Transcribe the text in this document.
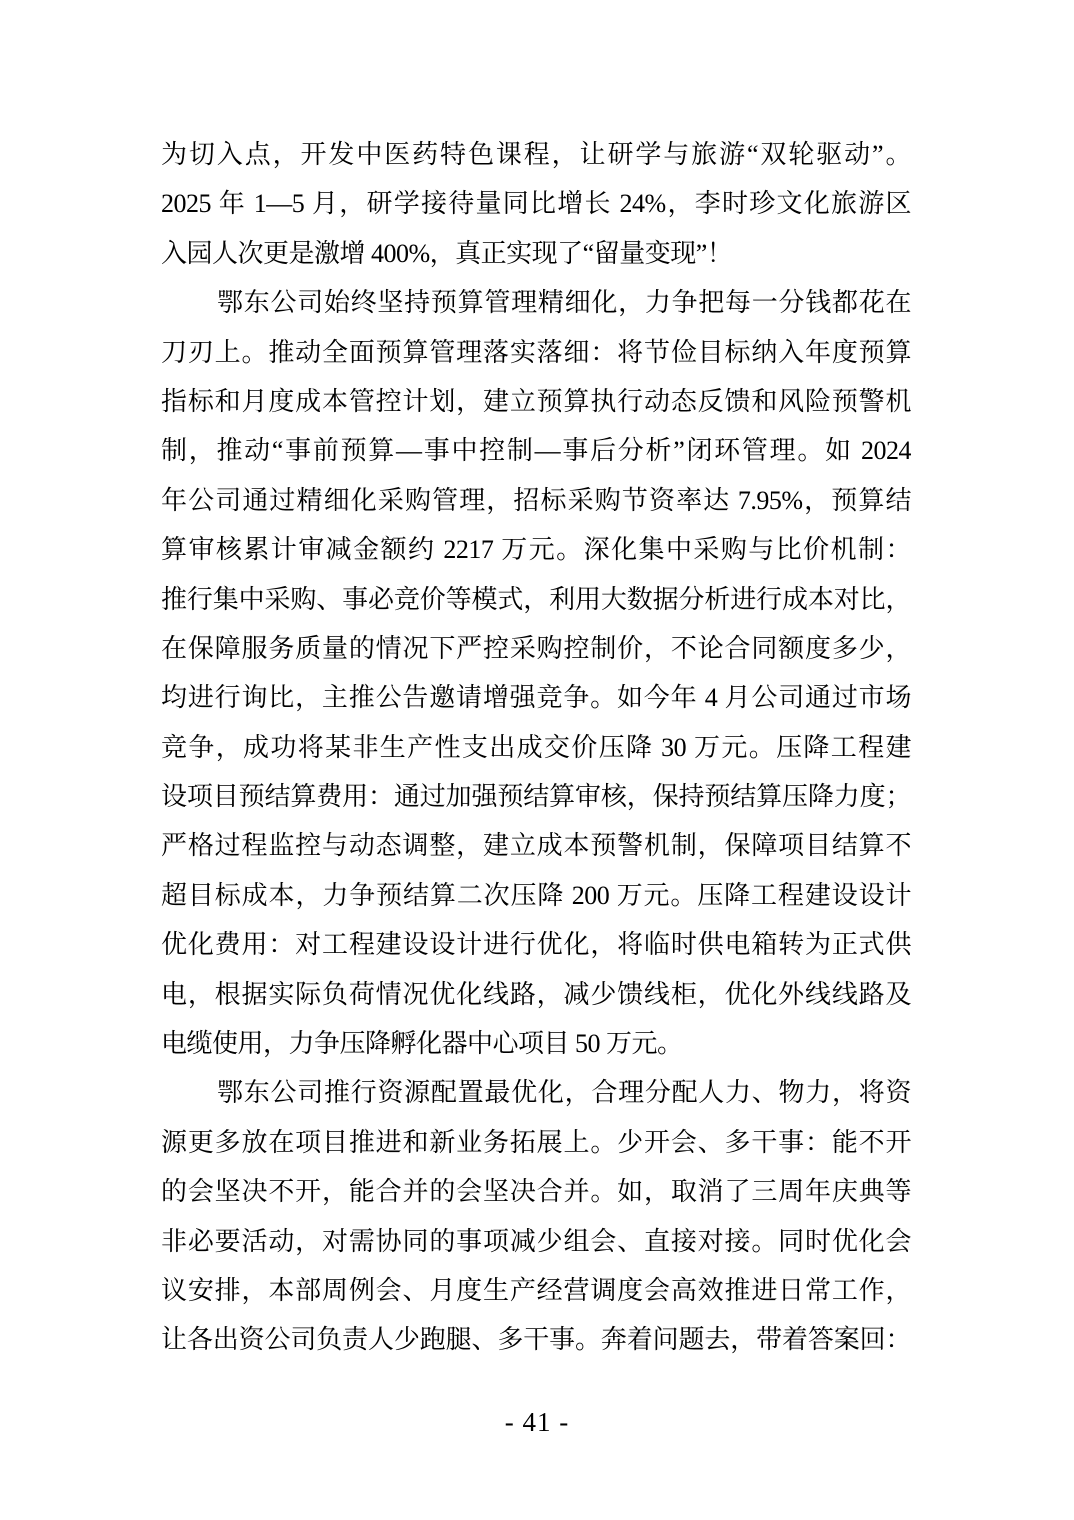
为切入点，开发中医药特色课程，让研学与旅游“双轮驱动”。
2025 年 1—5 月，研学接待量同比增长 24%，李时珍文化旅游区
入园人次更是激增 400%，真正实现了“留量变现”！
鄂东公司始终坚持预算管理精细化，力争把每一分钱都花在
刀刃上。推动全面预算管理落实落细：将节俭目标纳入年度预算
指标和月度成本管控计划，建立预算执行动态反馈和风险预警机
制，推动“事前预算—事中控制—事后分析”闭环管理。如 2024
年公司通过精细化采购管理，招标采购节资率达 7.95%，预算结
算审核累计审减金额约 2217 万元。深化集中采购与比价机制：
推行集中采购、事必竞价等模式，利用大数据分析进行成本对比，
在保障服务质量的情况下严控采购控制价，不论合同额度多少，
均进行询比，主推公告邀请增强竞争。如今年 4 月公司通过市场
竞争，成功将某非生产性支出成交价压降 30 万元。压降工程建
设项目预结算费用：通过加强预结算审核，保持预结算压降力度；
严格过程监控与动态调整，建立成本预警机制，保障项目结算不
超目标成本，力争预结算二次压降 200 万元。压降工程建设设计
优化费用：对工程建设设计进行优化，将临时供电箱转为正式供
电，根据实际负荷情况优化线路，减少馈线柜，优化外线线路及
电缆使用，力争压降孵化器中心项目 50 万元。
鄂东公司推行资源配置最优化，合理分配人力、物力，将资
源更多放在项目推进和新业务拓展上。少开会、多干事：能不开
的会坚决不开，能合并的会坚决合并。如，取消了三周年庆典等
非必要活动，对需协同的事项减少组会、直接对接。同时优化会
议安排，本部周例会、月度生产经营调度会高效推进日常工作，
让各出资公司负责人少跑腿、多干事。奔着问题去，带着答案回：
- 41 -
